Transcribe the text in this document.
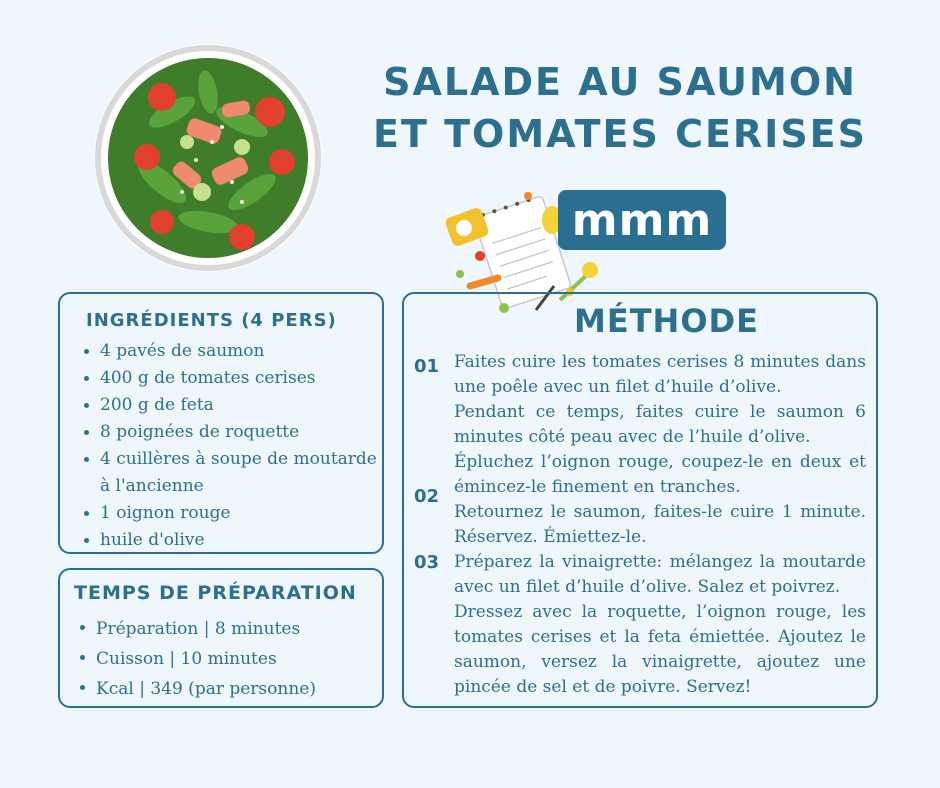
SALADE AU SAUMON
ET TOMATES CERISES
mmm
INGRÉDIENTS (4 PERS)
4 pavés de saumon
400 g de tomates cerises
200 g de feta
8 poignées de roquette
4 cuillères à soupe de moutarde à l'ancienne
1 oignon rouge
huile d'olive
TEMPS DE PRÉPARATION
Préparation | 8 minutes
Cuisson | 10 minutes
Kcal | 349 (par personne)
MÉTHODE
01 Faites cuire les tomates cerises 8 minutes dans une poêle avec un filet d’huile d’olive.

Pendant ce temps, faites cuire le saumon 6 minutes côté peau avec de l’huile d’olive.

Épluchez l’oignon rouge, coupez-le en deux et émincez-le finement en tranches.

02

Retournez le saumon, faites-le cuire 1 minute. Réservez. Émiettez-le.

03 Préparez la vinaigrette: mélangez la moutarde avec un filet d’huile d’olive. Salez et poivrez.

Dressez avec la roquette, l’oignon rouge, les tomates cerises et la feta émiettée. Ajoutez le saumon, versez la vinaigrette, ajoutez une pincée de sel et de poivre. Servez!
